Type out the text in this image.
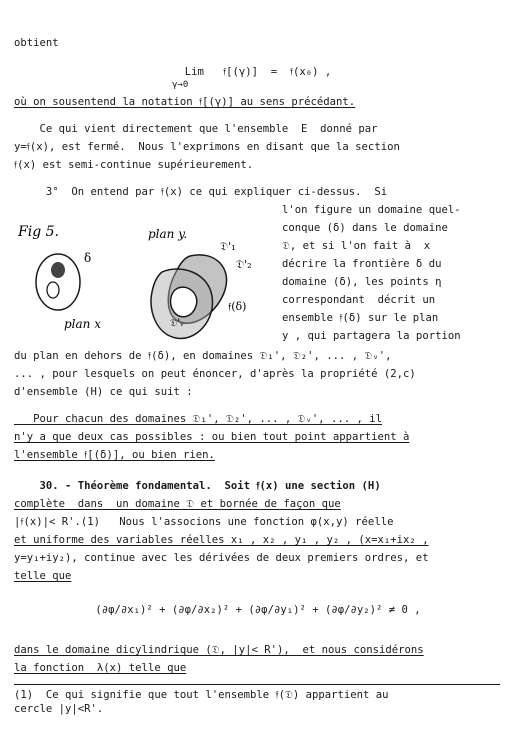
obtient
Lim   𝔣[(γ)]  =  𝔣(x₀) ,
γ→0
où on sousentend la notation 𝔣[(γ)] au sens précédant.
Ce qui vient directement que l'ensemble  E  donné par
y=𝔣(x), est fermé.  Nous l'exprimons en disant que la section
𝔣(x) est semi-continue supérieurement.
3°  On entend par 𝔣(x) ce qui expliquer ci-dessus.  Si
l'on figure un domaine quel-
conque (δ) dans le domaine
𝔇, et si l'on fait à  x
décrire la frontière δ du
domaine (δ), les points η
correspondant  décrit un
ensemble 𝔣(δ) sur le plan
y , qui partagera la portion
Fig 5.
δ
plan x
plan y.
𝔇'₁
𝔇'₂
𝔇'ᵥ
𝔣(δ)
du plan en dehors de 𝔣(δ), en domaines 𝔇₁', 𝔇₂', ... , 𝔇ᵥ',
... , pour lesquels on peut énoncer, d'après la propriété (2,c)
d'ensemble (H) ce qui suit :
Pour chacun des domaines 𝔇₁', 𝔇₂', ... , 𝔇ᵥ', ... , il
n'y a que deux cas possibles : ou bien tout point appartient à
l'ensemble 𝔣[(δ)], ou bien rien.
30. - Théorème fondamental.  Soit 𝔣(x) une section (H)
complète  dans  un domaine 𝔇 et bornée de façon que
|𝔣(x)|< R'.(1)   Nous l'associons une fonction φ(x,y) réelle
et uniforme des variables réelles x₁ , x₂ , y₁ , y₂ , (x=x₁+ix₂ ,
y=y₁+iy₂), continue avec les dérivées de deux premiers ordres, et
telle que
(∂φ/∂x₁)² + (∂φ/∂x₂)² + (∂φ/∂y₁)² + (∂φ/∂y₂)² ≠ 0 ,
dans le domaine dicylindrique (𝔇, |y|< R'),  et nous considérons
la fonction  λ(x) telle que
(1)  Ce qui signifie que tout l'ensemble 𝔣(𝔇) appartient au
cercle |y|<R'.
